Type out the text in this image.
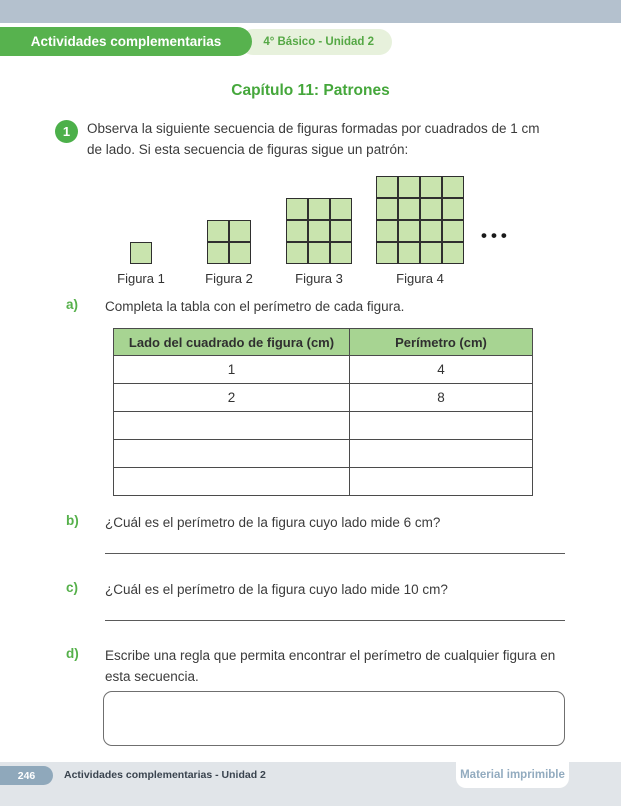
4° Básico - Unidad 2
Actividades complementarias
Capítulo 11: Patrones
1	Observa la siguiente secuencia de figuras formadas por cuadrados de 1 cm de lado. Si esta secuencia de figuras sigue un patrón:

Figura 1	Figura 2	Figura 3	Figura 4
•••
a)	Completa la tabla con el perímetro de cada figura.
Lado del cuadrado de figura (cm)	Perímetro (cm)
1	4
2	8

b)	¿Cuál es el perímetro de la figura cuyo lado mide 6 cm?
c)	¿Cuál es el perímetro de la figura cuyo lado mide 10 cm?
d)	Escribe una regla que permita encontrar el perímetro de cualquier figura en esta secuencia.
246	Actividades complementarias - Unidad 2	Material imprimible
